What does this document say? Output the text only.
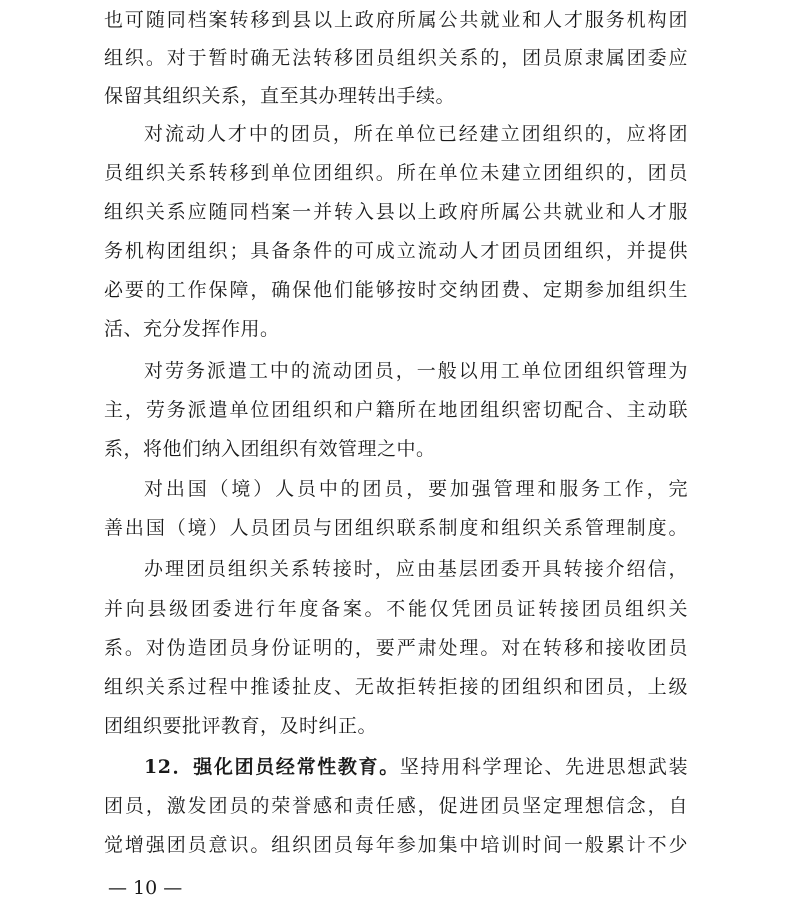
也可随同档案转移到县以上政府所属公共就业和人才服务机构团
组织。对于暂时确无法转移团员组织关系的，团员原隶属团委应
保留其组织关系，直至其办理转出手续。
对流动人才中的团员，所在单位已经建立团组织的，应将团
员组织关系转移到单位团组织。所在单位未建立团组织的，团员
组织关系应随同档案一并转入县以上政府所属公共就业和人才服
务机构团组织；具备条件的可成立流动人才团员团组织，并提供
必要的工作保障，确保他们能够按时交纳团费、定期参加组织生
活、充分发挥作用。
对劳务派遣工中的流动团员，一般以用工单位团组织管理为
主，劳务派遣单位团组织和户籍所在地团组织密切配合、主动联
系，将他们纳入团组织有效管理之中。
对出国（境）人员中的团员，要加强管理和服务工作，完
善出国（境）人员团员与团组织联系制度和组织关系管理制度。
办理团员组织关系转接时，应由基层团委开具转接介绍信，
并向县级团委进行年度备案。不能仅凭团员证转接团员组织关
系。对伪造团员身份证明的，要严肃处理。对在转移和接收团员
组织关系过程中推诿扯皮、无故拒转拒接的团组织和团员，上级
团组织要批评教育，及时纠正。
12．强化团员经常性教育。坚持用科学理论、先进思想武装
团员，激发团员的荣誉感和责任感，促进团员坚定理想信念，自
觉增强团员意识。组织团员每年参加集中培训时间一般累计不少
— 10 —
